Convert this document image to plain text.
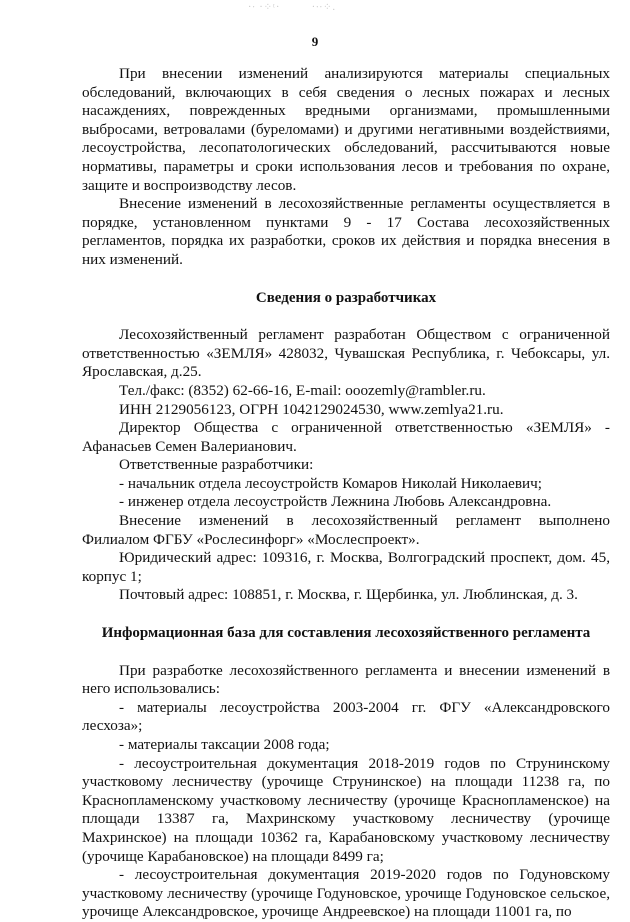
·∙ ·⁘ᵗ·	·∙∙⁘.
9

При внесении изменений анализируются материалы специальных обследований, включающих в себя сведения о лесных пожарах и лесных насаждениях, поврежденных вредными организмами, промышленными выбросами, ветровалами (буреломами) и другими негативными воздействиями, лесоустройства, лесопатологических обследований, рассчитываются новые нормативы, параметры и сроки использования лесов и требования по охране, защите и воспроизводству лесов.

Внесение изменений в лесохозяйственные регламенты осуществляется в порядке, установленном пунктами 9 - 17 Состава лесохозяйственных регламентов, порядка их разработки, сроков их действия и порядка внесения в них изменений.

Сведения о разработчиках

Лесохозяйственный регламент разработан Обществом с ограниченной ответственностью «ЗЕМЛЯ» 428032, Чувашская Республика, г. Чебоксары, ул. Ярославская, д.25.

Тел./факс: (8352) 62-66-16, E-mail: ooozemly@rambler.ru.

ИНН 2129056123, ОГРН 1042129024530, www.zemlya21.ru.

Директор Общества с ограниченной ответственностью «ЗЕМЛЯ» - Афанасьев Семен Валерианович.

Ответственные разработчики:

- начальник отдела лесоустройств Комаров Николай Николаевич;

- инженер отдела лесоустройств Лежнина Любовь Александровна.

Внесение изменений в лесохозяйственный регламент выполнено Филиалом ФГБУ «Рослесинфорг» «Мослеспроект».

Юридический адрес: 109316, г. Москва, Волгоградский проспект, дом. 45, корпус 1;

Почтовый адрес: 108851, г. Москва, г. Щербинка, ул. Люблинская, д. 3.

Информационная база для составления лесохозяйственного регламента

При разработке лесохозяйственного регламента и внесении изменений в него использовались:

- материалы лесоустройства 2003-2004 гг. ФГУ «Александровского лесхоза»;

- материалы таксации 2008 года;

- лесоустроительная документация 2018-2019 годов по Струнинскому участковому лесничеству (урочище Струнинское) на площади 11238 га, по Краснопламенскому участковому лесничеству (урочище Краснопламенское) на площади 13387 га, Махринскому участковому лесничеству (урочище Махринское) на площади 10362 га, Карабановскому участковому лесничеству (урочище Карабановское) на площади 8499 га;

- лесоустроительная документация 2019-2020 годов по Годуновскому участковому лесничеству (урочище Годуновское, урочище Годуновское сельское, урочище Александровское, урочище Андреевское) на площади 11001 га, по
